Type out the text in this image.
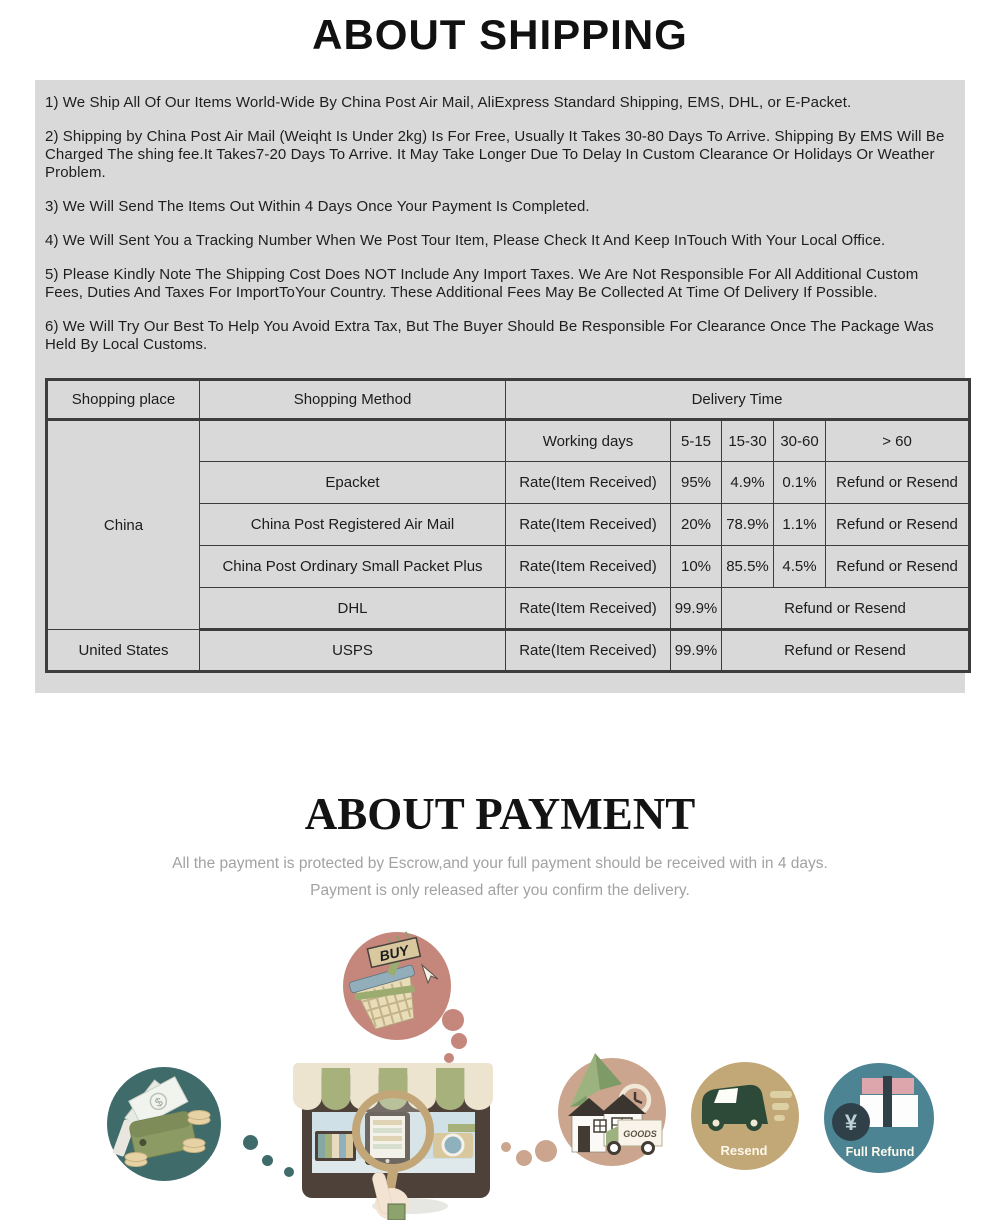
ABOUT SHIPPING

1) We Ship All Of Our Items World-Wide By China Post Air Mail, AliExpress Standard Shipping, EMS, DHL, or E-Packet.

2) Shipping by China Post Air Mail (Weiqht Is Under 2kg) Is For Free, Usually It Takes 30-80 Days To Arrive. Shipping By EMS Will Be Charged The shing fee.It Takes7-20 Days To Arrive. It May Take Longer Due To Delay In Custom Clearance Or Holidays Or Weather Problem.

3) We Will Send The Items Out Within 4 Days Once Your Payment Is Completed.

4) We Will Sent You a Tracking Number When We Post Tour Item, Please Check It And Keep InTouch With Your Local Office.

5) Please Kindly Note The Shipping Cost Does NOT Include Any Import Taxes. We Are Not Responsible For All Additional Custom Fees, Duties And Taxes For ImportToYour Country. These Additional Fees May Be Collected At Time Of Delivery If Possible.

6) We Will Try Our Best To Help You Avoid Extra Tax, But The Buyer Should Be Responsible For Clearance Once The Package Was Held By Local Customs.

Shopping place	Shopping Method	Delivery Time				
China		Working days	5-15	15-30	30-60	> 60
	Epacket	Rate(Item Received)	95%	4.9%	0.1%	Refund or Resend
	China Post Registered Air Mail	Rate(Item Received)	20%	78.9%	1.1%	Refund or Resend
	China Post Ordinary Small Packet Plus	Rate(Item Received)	10%	85.5%	4.5%	Refund or Resend
	DHL	Rate(Item Received)	99.9%	Refund or Resend		
United States	USPS	Rate(Item Received)	99.9%	Refund or Resend		
ABOUT PAYMENT
All the payment is protected by Escrow,and your full payment should be received with in 4 days.
Payment is only released after you confirm the delivery.
BUY
$
GOODS
Resend
¥
Full Refund
